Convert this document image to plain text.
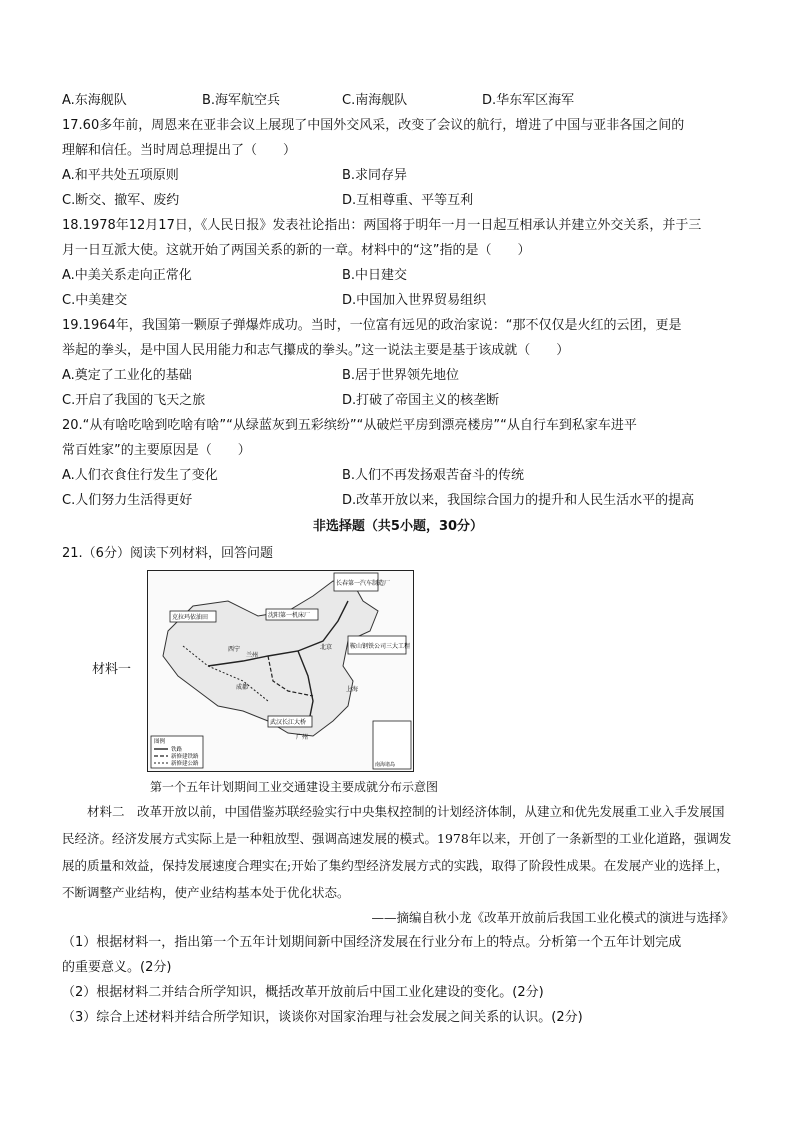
A.东海舰队	B.海军航空兵	C.南海舰队	D.华东军区海军
17.60多年前，周恩来在亚非会议上展现了中国外交风采，改变了会议的航行，增进了中国与亚非各国之间的
理解和信任。当时周总理提出了（　　）
A.和平共处五项原则	B.求同存异
C.断交、撤军、废约	D.互相尊重、平等互利
18.1978年12月17日，《人民日报》发表社论指出：两国将于明年一月一日起互相承认并建立外交关系，并于三
月一日互派大使。这就开始了两国关系的新的一章。材料中的“这”指的是（　　）
A.中美关系走向正常化	B.中日建交
C.中美建交	D.中国加入世界贸易组织
19.1964年，我国第一颗原子弹爆炸成功。当时，一位富有远见的政治家说：“那不仅仅是火红的云团，更是
举起的拳头，是中国人民用能力和志气攥成的拳头。”这一说法主要是基于该成就（　　）
A.奠定了工业化的基础	B.居于世界领先地位
C.开启了我国的飞天之旅	D.打破了帝国主义的核垄断
20.“从有啥吃啥到吃啥有啥”“从绿蓝灰到五彩缤纷”“从破烂平房到漂亮楼房”“从自行车到私家车进平
常百姓家”的主要原因是（　　）
A.人们衣食住行发生了变化	B.人们不再发扬艰苦奋斗的传统
C.人们努力生活得更好	D.改革开放以来，我国综合国力的提升和人民生活水平的提高
非选择题（共5小题，30分）
21.（6分）阅读下列材料，回答问题
材料一
长春第一汽车制造厂
沈阳第一机床厂
鞍山钢铁公司三大工程
克拉玛依油田
武汉长江大桥
北京
上海
广州
兰州
西宁
成都
图例
铁路
新修建铁路
新修建公路	南海诸岛
第一个五年计划期间工业交通建设主要成就分布示意图
材料二　改革开放以前，中国借鉴苏联经验实行中央集权控制的计划经济体制，从建立和优先发展重工业入手发展国民经济。经济发展方式实际上是一种粗放型、强调高速发展的模式。1978年以来，开创了一条新型的工业化道路，强调发展的质量和效益，保持发展速度合理实在;开始了集约型经济发展方式的实践，取得了阶段性成果。在发展产业的选择上，不断调整产业结构，使产业结构基本处于优化状态。
——摘编自秋小龙《改革开放前后我国工业化模式的演进与选择》
（1）根据材料一，指出第一个五年计划期间新中国经济发展在行业分布上的特点。分析第一个五年计划完成
的重要意义。(2分)
（2）根据材料二并结合所学知识，概括改革开放前后中国工业化建设的变化。(2分)
（3）综合上述材料并结合所学知识，谈谈你对国家治理与社会发展之间关系的认识。(2分)
